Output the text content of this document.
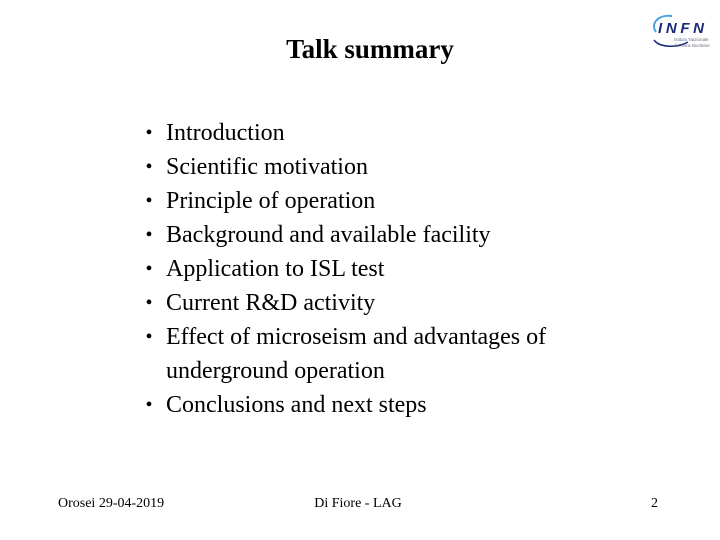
Talk summary
INFN
Istituto Nazionale
di Fisica Nucleare
• Introduction
• Scientific motivation
• Principle of operation
• Background and available facility
• Application to ISL test
• Current R&D activity
• Effect of microseism and advantages of underground operation
• Conclusions and next steps
Orosei 29-04-2019	Di Fiore - LAG	2
